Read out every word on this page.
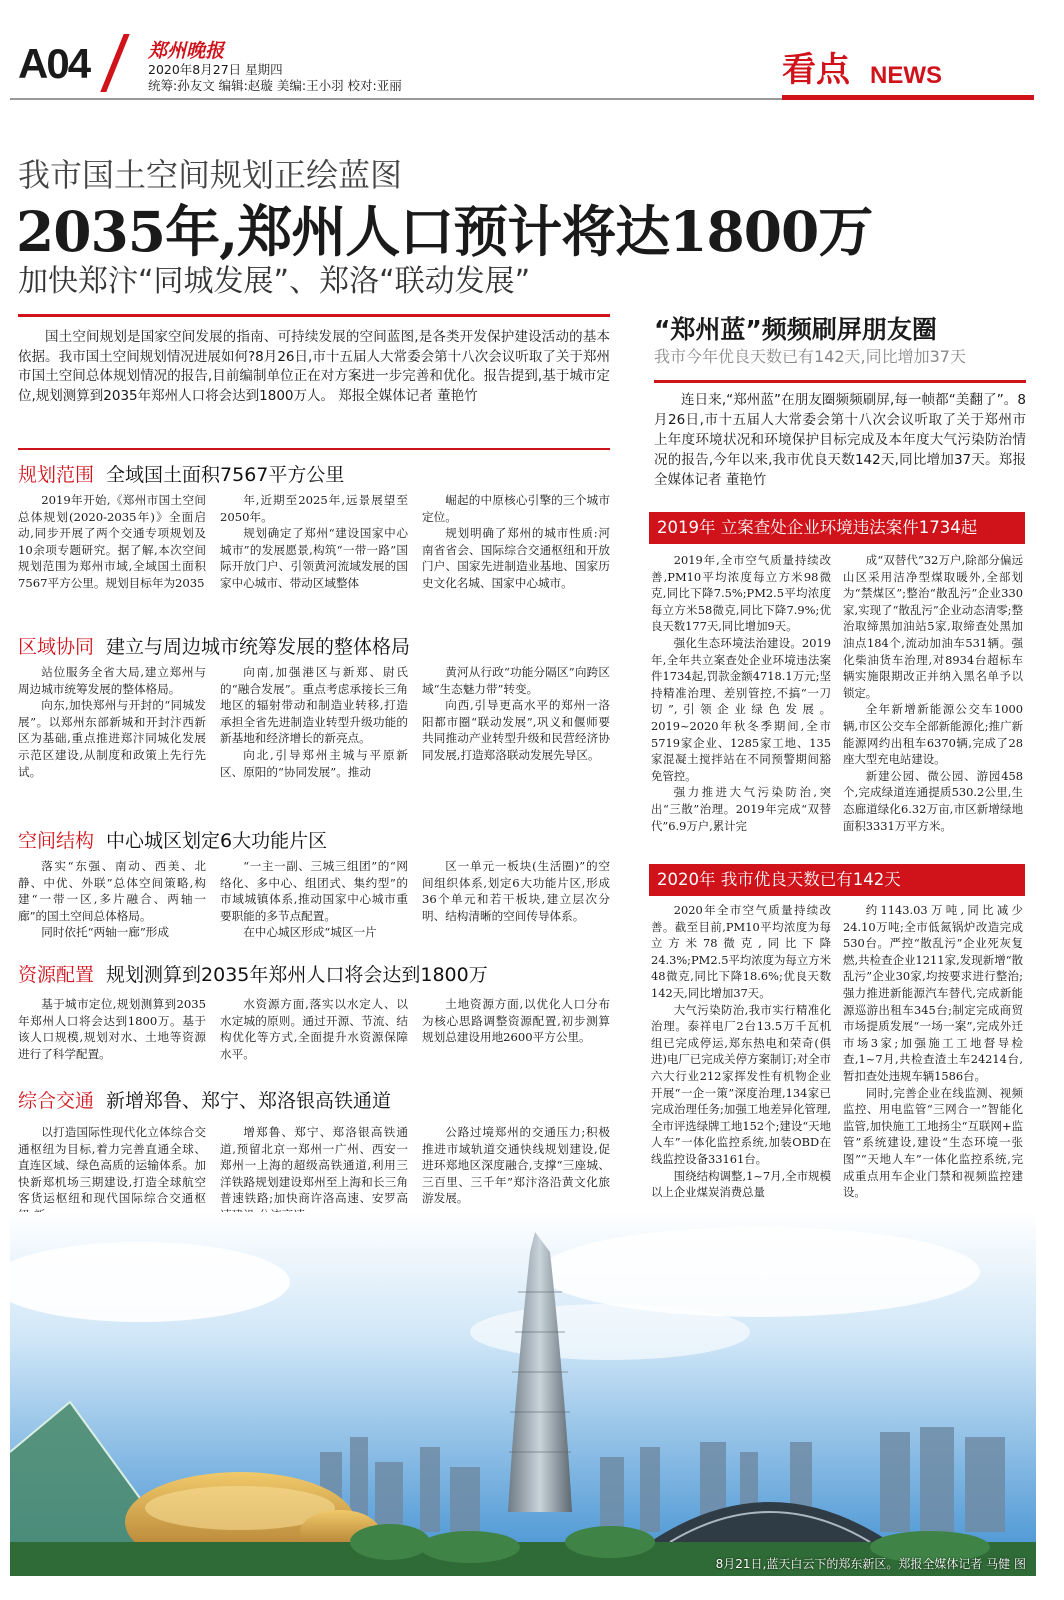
A04	郑州晚报
2020年8月27日 星期四
统筹:孙友文 编辑:赵璇 美编:王小羽 校对:亚丽	看点 NEWS
我市国土空间规划正绘蓝图
2035年,郑州人口预计将达1800万
加快郑汴“同城发展”、郑洛“联动发展”
国土空间规划是国家空间发展的指南、可持续发展的空间蓝图,是各类开发保护建设活动的基本依据。我市国土空间规划情况进展如何?8月26日,市十五届人大常委会第十八次会议听取了关于郑州市国土空间总体规划情况的报告,目前编制单位正在对方案进一步完善和优化。报告提到,基于城市定位,规划测算到2035年郑州人口将会达到1800万人。 郑报全媒体记者 董艳竹
规划范围 全域国土面积7567平方公里

2019年开始,《郑州市国土空间总体规划(2020-2035年)》全面启动,同步开展了两个交通专项规划及10余项专题研究。据了解,本次空间规划范围为郑州市域,全域国土面积7567平方公里。规划目标年为2035

年,近期至2025年,远景展望至2050年。

规划确定了郑州“建设国家中心城市”的发展愿景,构筑“一带一路”国际开放门户、引领黄河流域发展的国家中心城市、带动区域整体

崛起的中原核心引擎的三个城市定位。

规划明确了郑州的城市性质:河南省省会、国际综合交通枢纽和开放门户、国家先进制造业基地、国家历史文化名城、国家中心城市。

区域协同 建立与周边城市统筹发展的整体格局

站位服务全省大局,建立郑州与周边城市统筹发展的整体格局。

向东,加快郑州与开封的“同城发展”。以郑州东部新城和开封汴西新区为基础,重点推进郑汴同城化发展示范区建设,从制度和政策上先行先试。

向南,加强港区与新郑、尉氏的“融合发展”。重点考虑承接长三角地区的辐射带动和制造业转移,打造承担全省先进制造业转型升级功能的新基地和经济增长的新亮点。

向北,引导郑州主城与平原新区、原阳的“协同发展”。推动

黄河从行政“功能分隔区”向跨区域“生态魅力带”转变。

向西,引导更高水平的郑州一洛阳都市圈“联动发展”,巩义和偃师要共同推动产业转型升级和民营经济协同发展,打造郑洛联动发展先导区。

空间结构 中心城区划定6大功能片区

落实“东强、南动、西美、北静、中优、外联”总体空间策略,构建“一带一区,多片融合、两轴一廊”的国土空间总体格局。

同时依托“两轴一廊”形成

“一主一副、三城三组团”的“网络化、多中心、组团式、集约型”的市域城镇体系,推动国家中心城市重要职能的多节点配置。

在中心城区形成“城区一片

区一单元一板块(生活圈)”的空间组织体系,划定6大功能片区,形成36个单元和若干板块,建立层次分明、结构清晰的空间传导体系。

资源配置 规划测算到2035年郑州人口将会达到1800万

基于城市定位,规划测算到2035年郑州人口将会达到1800万。基于该人口规模,规划对水、土地等资源进行了科学配置。

水资源方面,落实以水定人、以水定城的原则。通过开源、节流、结构优化等方式,全面提升水资源保障水平。

土地资源方面,以优化人口分布为核心思路调整资源配置,初步测算规划总建设用地2600平方公里。

综合交通 新增郑鲁、郑宁、郑洛银高铁通道

以打造国际性现代化立体综合交通枢纽为目标,着力完善直通全球、直连区域、绿色高质的运输体系。加快新郑机场三期建设,打造全球航空客货运枢纽和现代国际综合交通枢

增郑鲁、郑宁、郑洛银高铁通道,预留北京一郑州一广州、西安一郑州一上海的超级高铁通道,利用三洋铁路规划建设郑州至上海和长三角普速铁路;加快商许洛高速、安罗高

公路过境郑州的交通压力;积极推进市域轨道交通快线规划建设,促进环郑地区深度融合,支撑“三座城、三百里、三千年”郑汴洛沿黄文化旅游发展。

“郑州蓝”频频刷屏朋友圈
我市今年优良天数已有142天,同比增加37天
连日来,“郑州蓝”在朋友圈频频刷屏,每一帧都“美翻了”。8月26日,市十五届人大常委会第十八次会议听取了关于郑州市上年度环境状况和环境保护目标完成及本年度大气污染防治情况的报告,今年以来,我市优良天数142天,同比增加37天。郑报全媒体记者 董艳竹
2019年 立案查处企业环境违法案件1734起

2019年,全市空气质量持续改善,PM10平均浓度每立方米98微克,同比下降7.5%;PM2.5平均浓度每立方米58微克,同比下降7.9%;优良天数177天,同比增加9天。

强化生态环境法治建设。2019年,全年共立案查处企业环境违法案件1734起,罚款金额4718.1万元;坚持精准治理、差别管控,不搞“一刀切”,引领企业绿色发展。2019~2020年秋冬季期间,全市5719家企业、1285家工地、135家混凝土搅拌站在不同预警期间豁免管控。

强力推进大气污染防治,突出“三散”治理。2019年完成“双替代”6.9万户,累计完

成“双替代”32万户,除部分偏远山区采用洁净型煤取暖外,全部划为“禁煤区”;整治“散乱污”企业330家,实现了“散乱污”企业动态清零;整治取缔黑加油站5家,取缔查处黑加油点184个,流动加油车531辆。强化柴油货车治理,对8934台超标车辆实施限期改正并纳入黑名单予以锁定。

全年新增新能源公交车1000辆,市区公交车全部新能源化;推广新能源网约出租车6370辆,完成了28座大型充电站建设。

新建公园、微公园、游园458个,完成绿道连通提质530.2公里,生态廊道绿化6.32万亩,市区新增绿地面积3331万平方米。

2020年 我市优良天数已有142天

2020年全市空气质量持续改善。截至目前,PM10平均浓度为每立方米78微克,同比下降24.3%;PM2.5平均浓度为每立方米48微克,同比下降18.6%;优良天数142天,同比增加37天。

大气污染防治,我市实行精准化治理。泰祥电厂2台13.5万千瓦机组已完成停运,郑东热电和荣奇(俱进)电厂已完成关停方案制订;对全市六大行业212家挥发性有机物企业开展“一企一策”深度治理,134家已完成治理任务;加强工地差异化管理,全市评选绿牌工地152个;建设“天地人车”一体化监控系统,加装OBD在线监控设备33161台。

围绕结构调整,1~7月,全市规模以上企业煤炭消费总量

约1143.03万吨,同比减少24.10万吨;全市低氮锅炉改造完成530台。严控“散乱污”企业死灰复燃,共检查企业1211家,发现新增“散乱污”企业30家,均按要求进行整治;强力推进新能源汽车替代,完成新能源巡游出租车345台;制定完成商贸市场提质发展“一场一案”,完成外迁市场3家;加强施工工地督导检查,1~7月,共检查渣土车24214台,暂扣查处违规车辆1586台。

同时,完善企业在线监测、视频监控、用电监管“三网合一”智能化监管,加快施工工地扬尘“互联网+监管”系统建设,建设“生态环境一张图”“天地人车”一体化监控系统,完成重点用车企业门禁和视频监控建设。

8月21日,蓝天白云下的郑东新区。郑报全媒体记者 马健 图
